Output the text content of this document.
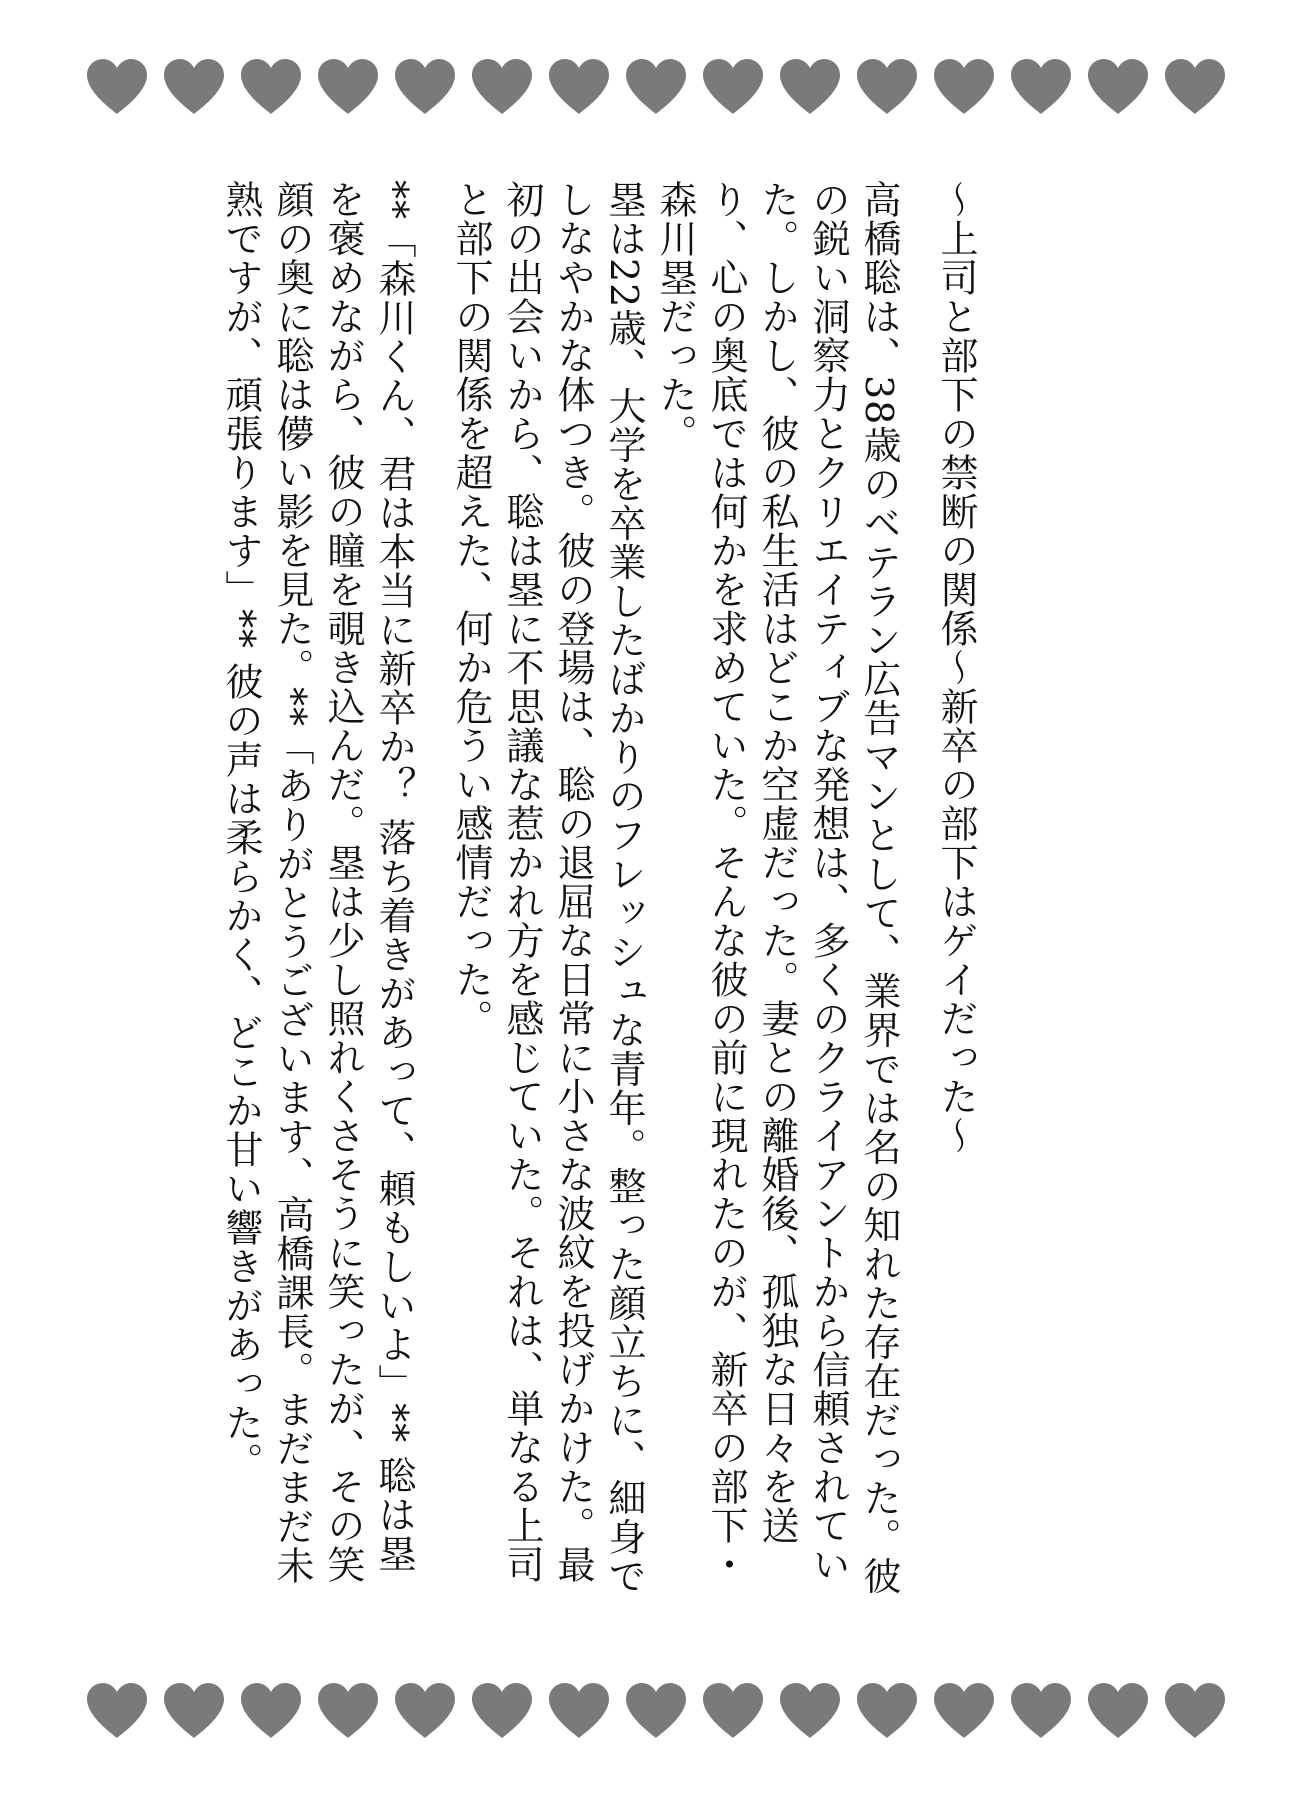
～上司と部下の禁断の関係～新卒の部下はゲイだった～

高橋聡は、38歳のベテラン広告マンとして、業界では名の知れた存在だった。彼の鋭い洞察力とクリエイティブな発想は、多くのクライアントから信頼されていた。しかし、彼の私生活はどこか空虚だった。妻との離婚後、孤独な日々を送り、心の奥底では何かを求めていた。そんな彼の前に現れたのが、新卒の部下・森川塁だった。

塁は22歳、大学を卒業したばかりのフレッシュな青年。整った顔立ちに、細身でしなやかな体つき。彼の登場は、聡の退屈な日常に小さな波紋を投げかけた。最初の出会いから、聡は塁に不思議な惹かれ方を感じていた。それは、単なる上司と部下の関係を超えた、何か危うい感情だった。

**「森川くん、君は本当に新卒か？ 落ち着きがあって、頼もしいよ」** 聡は塁を褒めながら、彼の瞳を覗き込んだ。塁は少し照れくさそうに笑ったが、その笑顔の奥に聡は儚い影を見た。**「ありがとうございます、高橋課長。まだまだ未熟ですが、頑張ります」** 彼の声は柔らかく、どこか甘い響きがあった。
